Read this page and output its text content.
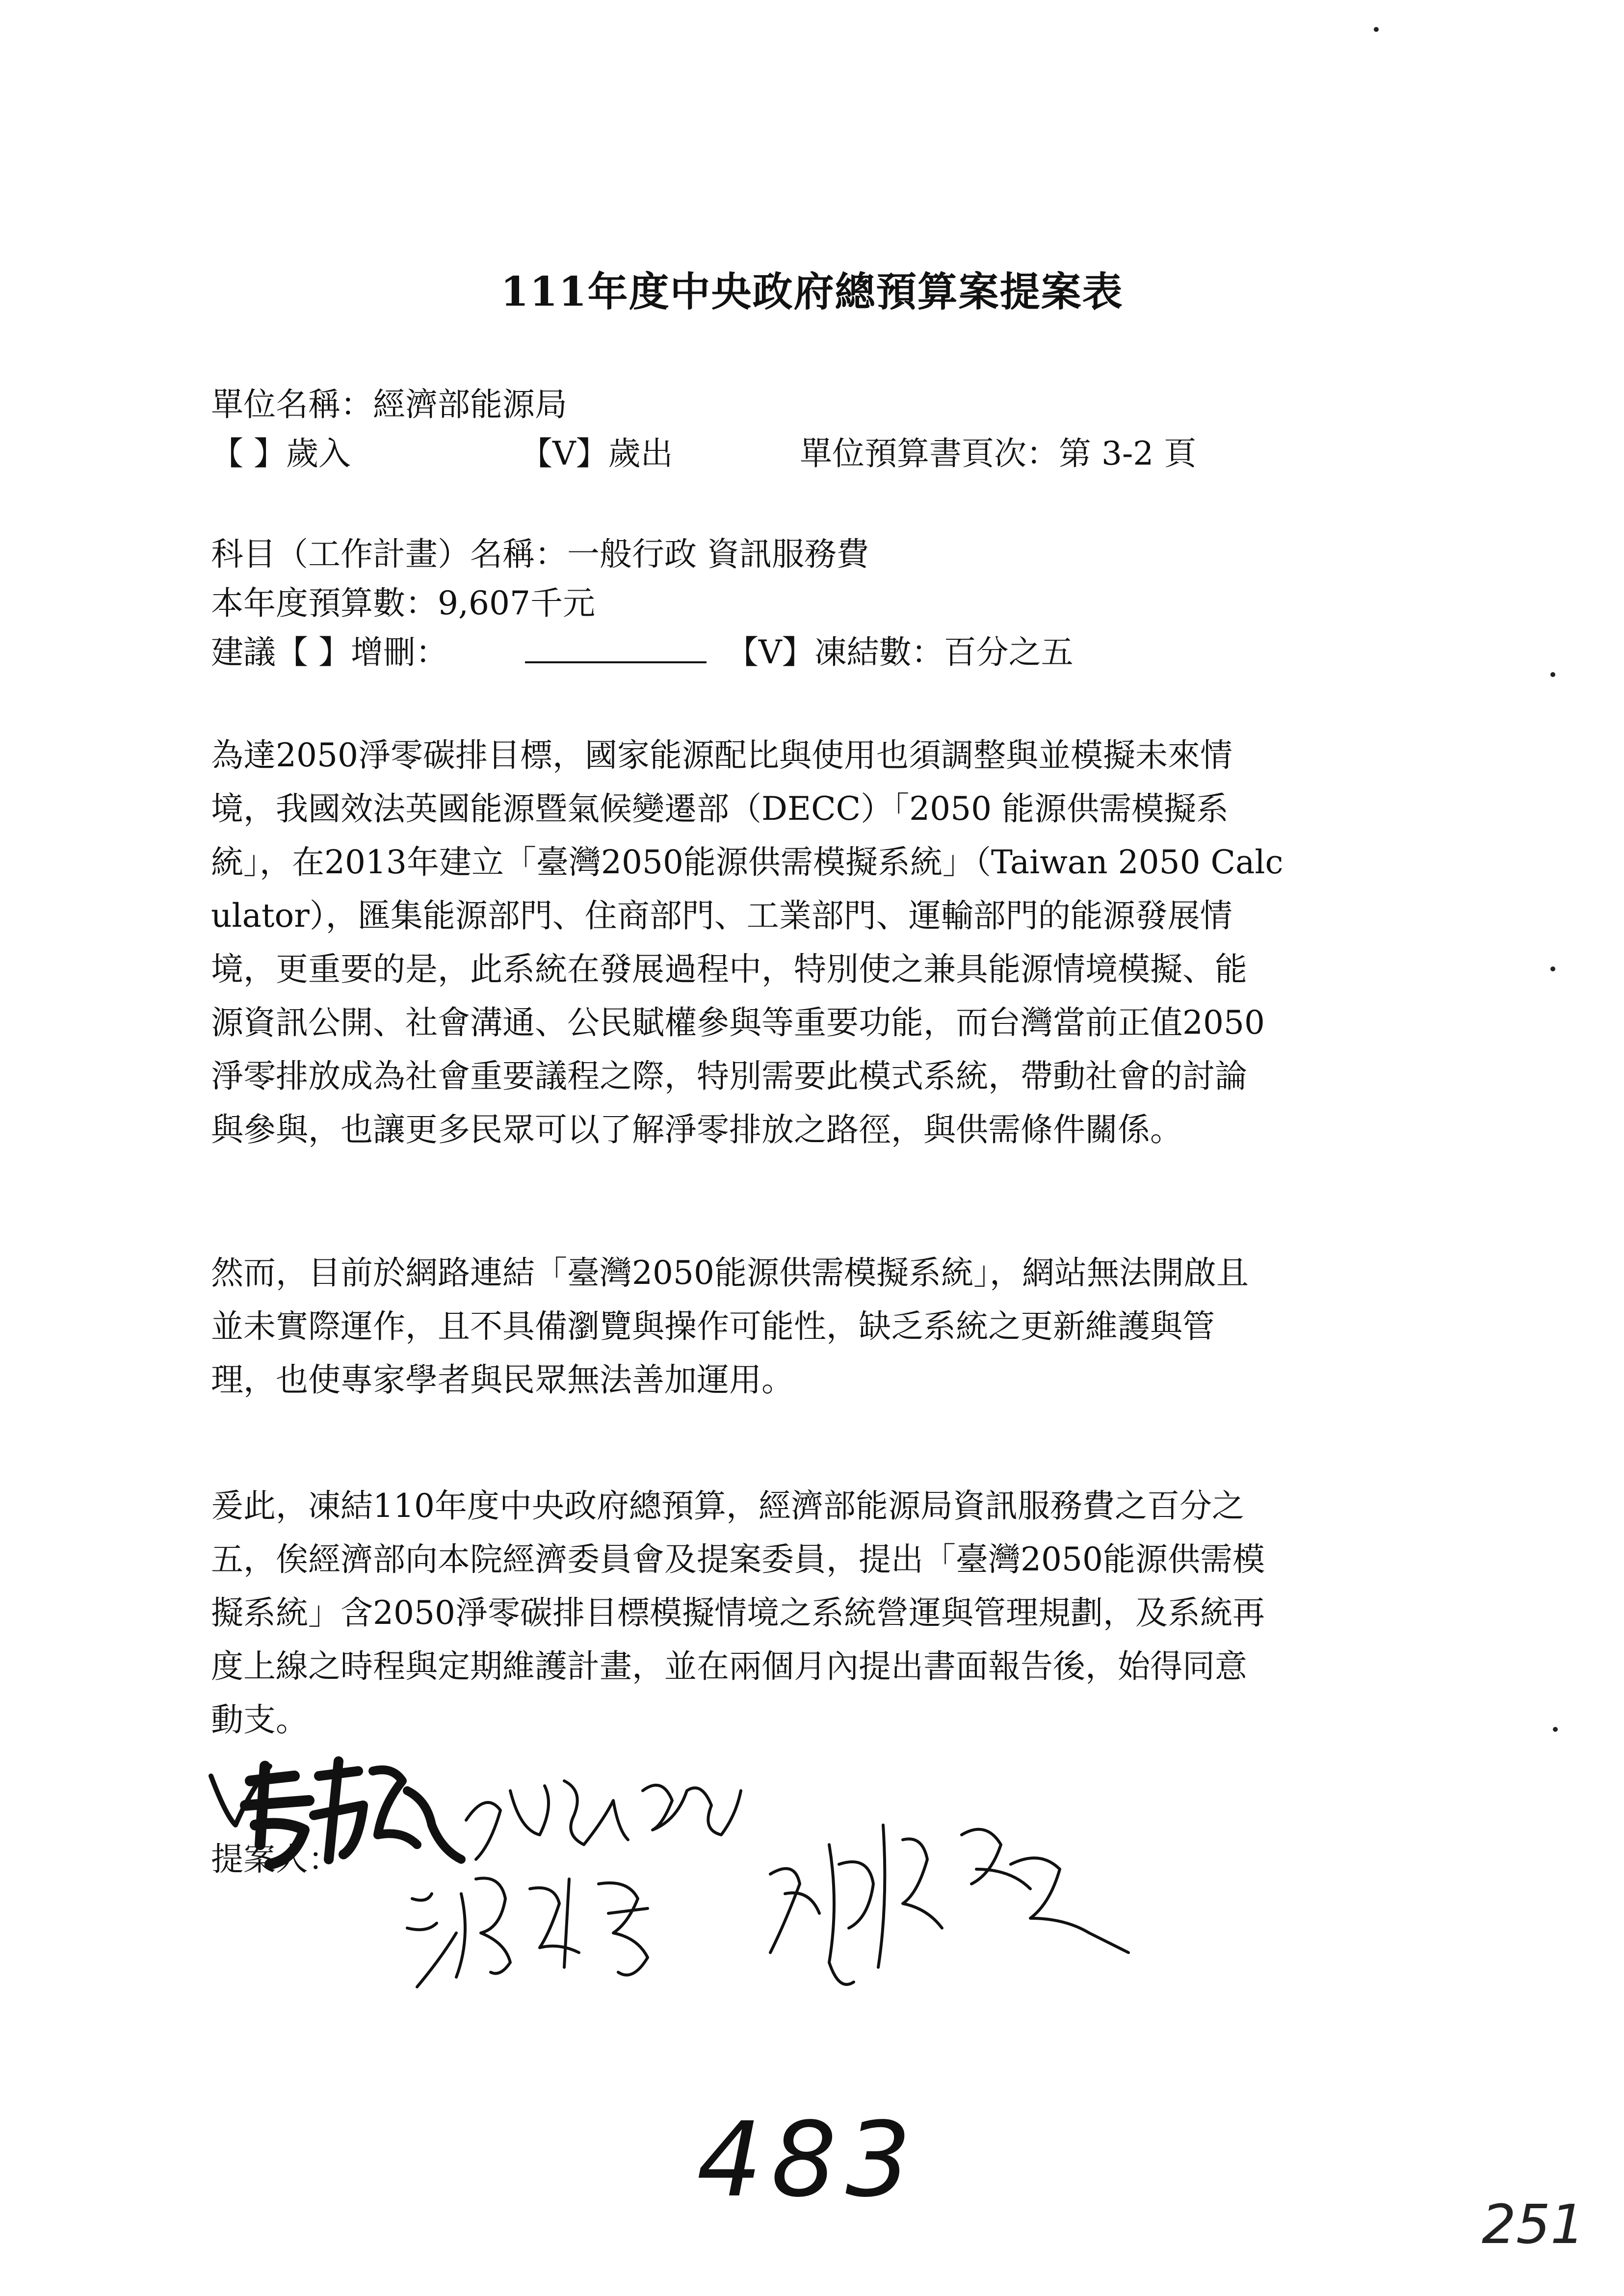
111年度中央政府總預算案提案表
單位名稱：經濟部能源局
【 】歲入	【V】歲出	單位預算書頁次：第 3-2 頁
科目（工作計畫）名稱：一般行政 資訊服務費
本年度預算數：9,607千元
建議【 】增刪：	【V】凍結數：百分之五
為達2050淨零碳排目標，國家能源配比與使用也須調整與並模擬未來情
境，我國效法英國能源暨氣候變遷部（DECC）「2050 能源供需模擬系
統」，在2013年建立「臺灣2050能源供需模擬系統」（Taiwan 2050 Calc
ulator），匯集能源部門、住商部門、工業部門、運輸部門的能源發展情
境，更重要的是，此系統在發展過程中，特別使之兼具能源情境模擬、能
源資訊公開、社會溝通、公民賦權參與等重要功能，而台灣當前正值2050
淨零排放成為社會重要議程之際，特別需要此模式系統，帶動社會的討論
與參與，也讓更多民眾可以了解淨零排放之路徑，與供需條件關係。
然而，目前於網路連結「臺灣2050能源供需模擬系統」，網站無法開啟且
並未實際運作，且不具備瀏覽與操作可能性，缺乏系統之更新維護與管
理，也使專家學者與民眾無法善加運用。
爰此，凍結110年度中央政府總預算，經濟部能源局資訊服務費之百分之
五，俟經濟部向本院經濟委員會及提案委員，提出「臺灣2050能源供需模
擬系統」含2050淨零碳排目標模擬情境之系統營運與管理規劃，及系統再
度上線之時程與定期維護計畫，並在兩個月內提出書面報告後，始得同意
動支。
提案人：
483
251
